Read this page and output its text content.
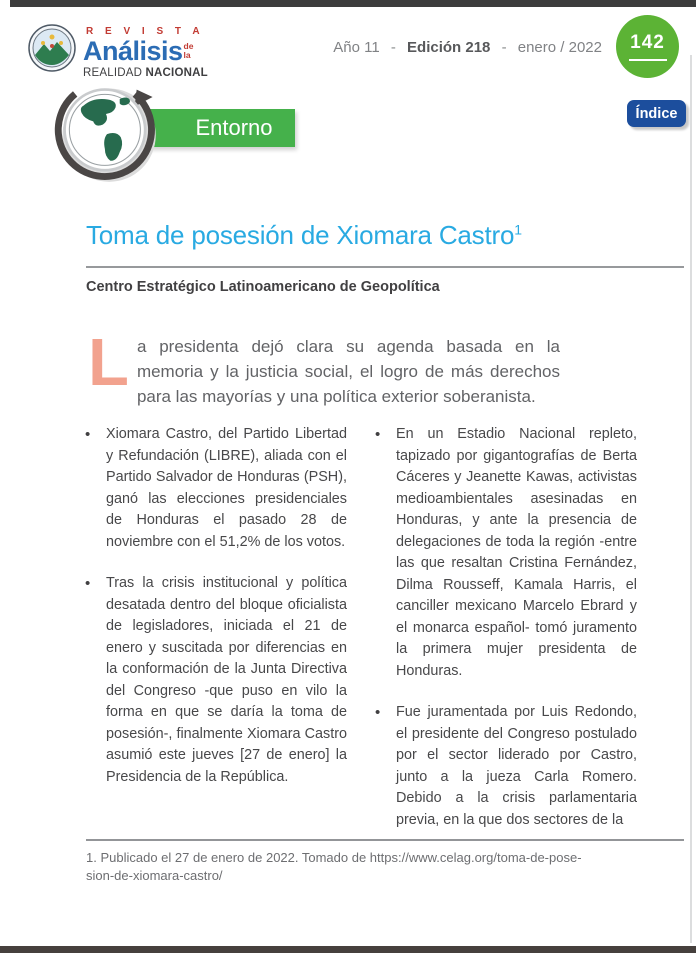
R E V I S T A
Análisis de
la
REALIDAD NACIONAL
Año 11 - Edición 218 - enero / 2022 142
Índice
Entorno
Toma de posesión de Xiomara Castro$^1$
Centro Estratégico Latinoamericano de Geopolítica

La presidenta dejó clara su agenda basada en la memoria y la justicia social, el logro de más derechos para las mayorías y una política exterior soberanista.

•	Xiomara Castro, del Partido Libertad y Refundación (LIBRE), aliada con el Partido Salvador de Honduras (PSH), ganó las elecciones presidenciales de Honduras el pasado 28 de noviembre con el 51,2% de los votos.
•	Tras la crisis institucional y política desatada dentro del bloque oficialista de legisladores, iniciada el 21 de enero y suscitada por diferencias en la conformación de la Junta Directiva del Congreso -que puso en vilo la forma en que se daría la toma de posesión-, finalmente Xiomara Castro asumió este jueves [27 de enero] la Presidencia de la República.
•	En un Estadio Nacional repleto, tapizado por gigantografías de Berta Cáceres y Jeanette Kawas, activistas medioambientales asesinadas en Honduras, y ante la presencia de delegaciones de toda la región -entre las que resaltan Cristina Fernández, Dilma Rousseff, Kamala Harris, el canciller mexicano Marcelo Ebrard y el monarca español- tomó juramento la primera mujer presidenta de Honduras.
•	Fue juramentada por Luis Redondo, el presidente del Congreso postulado por el sector liderado por Castro, junto a la jueza Carla Romero. Debido a la crisis parlamentaria previa, en la que dos sectores de la
1. Publicado el 27 de enero de 2022. Tomado de https://www.celag.org/toma-de-pose-
sion-de-xiomara-castro/
